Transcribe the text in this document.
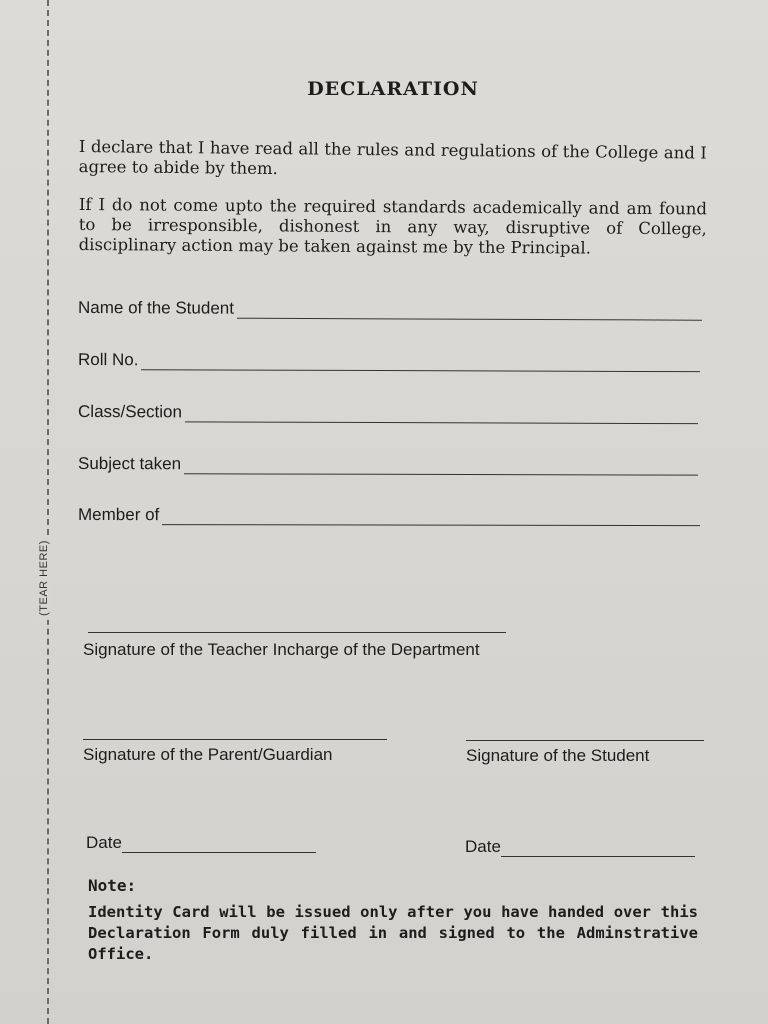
(TEAR HERE)
DECLARATION
I declare that I have read all the rules and regulations of the College and I agree to abide by them.
If I do not come upto the required standards academically and am found to be irresponsible, dishonest in any way, disruptive of College, disciplinary action may be taken against me by the Principal.
Name of the Student
Roll No.
Class/Section
Subject taken
Member of
Signature of the Teacher Incharge of the Department
Signature of the Parent/Guardian	Signature of the Student
Date	Date
Note:
Identity Card will be issued only after you have handed over this Declaration Form duly filled in and signed to the Adminstrative Office.
